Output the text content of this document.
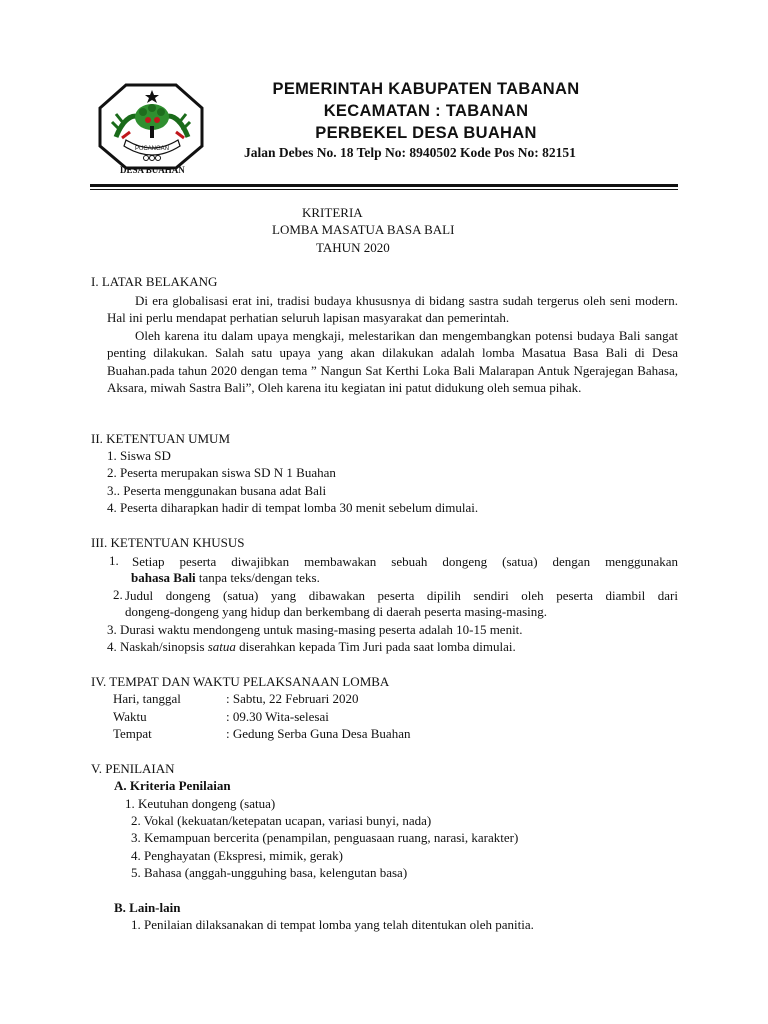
PUCANGAN
DESA BUAHAN
PEMERINTAH KABUPATEN TABANAN
KECAMATAN : TABANAN
PERBEKEL DESA BUAHAN
Jalan Debes No. 18 Telp No: 8940502 Kode Pos No: 82151
KRITERIA
LOMBA MASATUA BASA BALI
TAHUN 2020
I. LATAR BELAKANG
Di era globalisasi erat ini, tradisi budaya khususnya di bidang sastra sudah tergerus oleh seni modern. Hal ini perlu mendapat perhatian seluruh lapisan masyarakat dan pemerintah.
Oleh karena itu dalam upaya mengkaji, melestarikan dan mengembangkan potensi budaya Bali sangat penting dilakukan. Salah satu upaya yang akan dilakukan adalah lomba Masatua Basa Bali di Desa Buahan.pada tahun 2020 dengan tema ” Nangun Sat Kerthi Loka Bali Malarapan Antuk Ngerajegan Bahasa, Aksara, miwah Sastra Bali”, Oleh karena itu kegiatan ini patut didukung oleh semua pihak.
II. KETENTUAN UMUM
1. Siswa SD
2. Peserta merupakan siswa SD N 1 Buahan
3.. Peserta menggunakan busana adat Bali
4. Peserta diharapkan hadir di tempat lomba 30 menit sebelum dimulai.
III. KETENTUAN KHUSUS
1. Setiap peserta diwajibkan membawakan sebuah dongeng (satua) dengan menggunakan
bahasa Bali tanpa teks/dengan teks.
2. Judul dongeng (satua) yang dibawakan peserta dipilih sendiri oleh peserta diambil dari
dongeng-dongeng yang hidup dan berkembang di daerah peserta masing-masing.
3. Durasi waktu mendongeng untuk masing-masing peserta adalah 10-15 menit.
4. Naskah/sinopsis satua diserahkan kepada Tim Juri pada saat lomba dimulai.
IV. TEMPAT DAN WAKTU PELAKSANAAN LOMBA
Hari, tanggal	: Sabtu, 22 Februari 2020
Waktu	: 09.30 Wita-selesai
Tempat	: Gedung Serba Guna Desa Buahan
V. PENILAIAN
A. Kriteria Penilaian
1. Keutuhan dongeng (satua)
2. Vokal (kekuatan/ketepatan ucapan, variasi bunyi, nada)
3. Kemampuan bercerita (penampilan, penguasaan ruang, narasi, karakter)
4. Penghayatan (Ekspresi, mimik, gerak)
5. Bahasa (anggah-ungguhing basa, kelengutan basa)
B. Lain-lain
1. Penilaian dilaksanakan di tempat lomba yang telah ditentukan oleh panitia.
